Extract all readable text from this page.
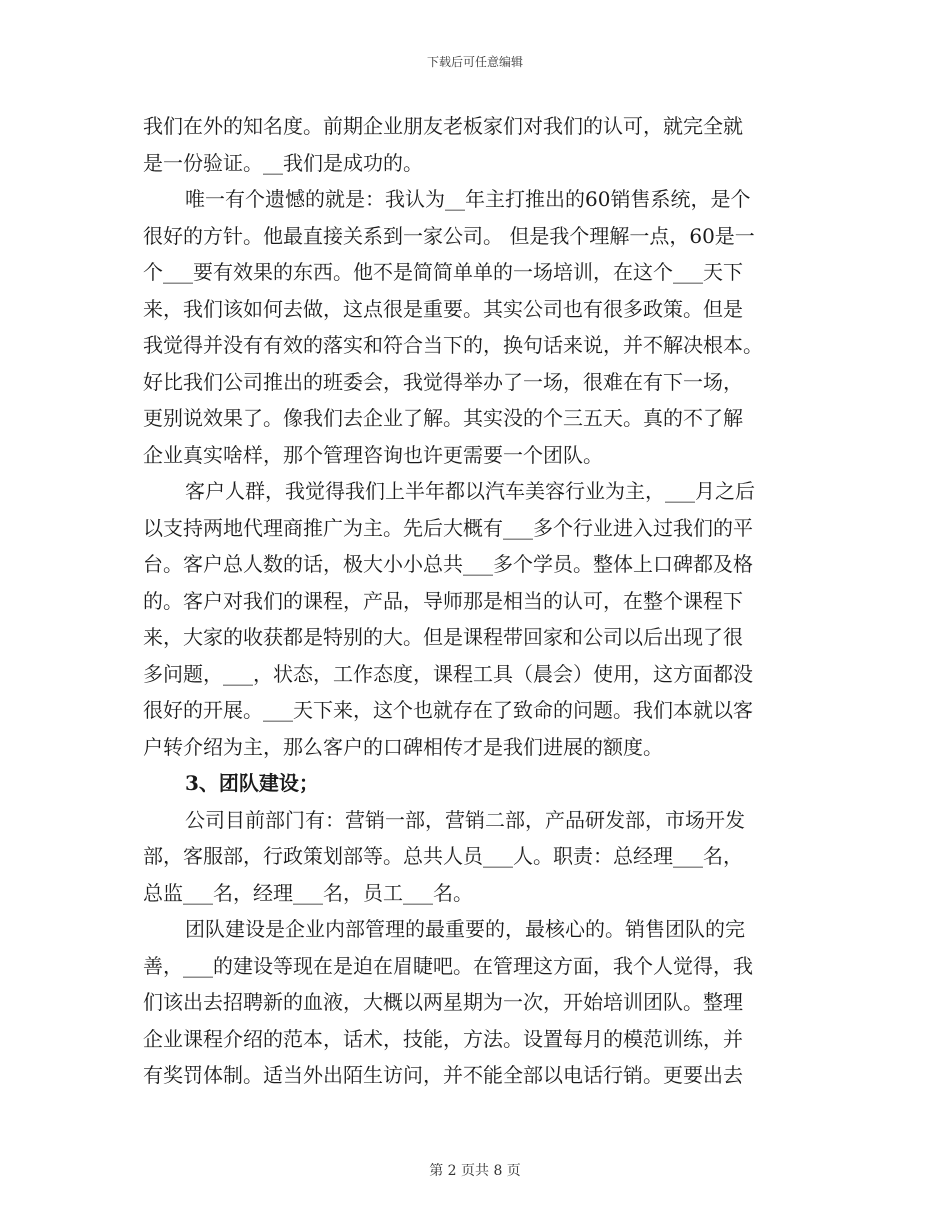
下载后可任意编辑
我们在外的知名度。前期企业朋友老板家们对我们的认可，就完全就
是一份验证。__我们是成功的。
唯一有个遗憾的就是：我认为__年主打推出的60销售系统，是个
很好的方针。他最直接关系到一家公司。 但是我个理解一点，60是一
个___要有效果的东西。他不是简简单单的一场培训，在这个___天下
来，我们该如何去做，这点很是重要。其实公司也有很多政策。但是
我觉得并没有有效的落实和符合当下的，换句话来说，并不解决根本。
好比我们公司推出的班委会，我觉得举办了一场，很难在有下一场，
更别说效果了。像我们去企业了解。其实没的个三五天。真的不了解
企业真实啥样，那个管理咨询也许更需要一个团队。
客户人群，我觉得我们上半年都以汽车美容行业为主，___月之后
以支持两地代理商推广为主。先后大概有___多个行业进入过我们的平
台。客户总人数的话，极大小小总共___多个学员。整体上口碑都及格
的。客户对我们的课程，产品，导师那是相当的认可，在整个课程下
来，大家的收获都是特别的大。但是课程带回家和公司以后出现了很
多问题，___，状态，工作态度，课程工具（晨会）使用，这方面都没
很好的开展。___天下来，这个也就存在了致命的问题。我们本就以客
户转介绍为主，那么客户的口碑相传才是我们进展的额度。
3、团队建设；
公司目前部门有：营销一部，营销二部，产品研发部，市场开发
部，客服部，行政策划部等。总共人员___人。职责：总经理___名，
总监___名，经理___名，员工___名。
团队建设是企业内部管理的最重要的，最核心的。销售团队的完
善，___的建设等现在是迫在眉睫吧。在管理这方面，我个人觉得，我
们该出去招聘新的血液，大概以两星期为一次，开始培训团队。整理
企业课程介绍的范本，话术，技能，方法。设置每月的模范训练，并
有奖罚体制。适当外出陌生访问，并不能全部以电话行销。更要出去
第 2 页共 8 页
